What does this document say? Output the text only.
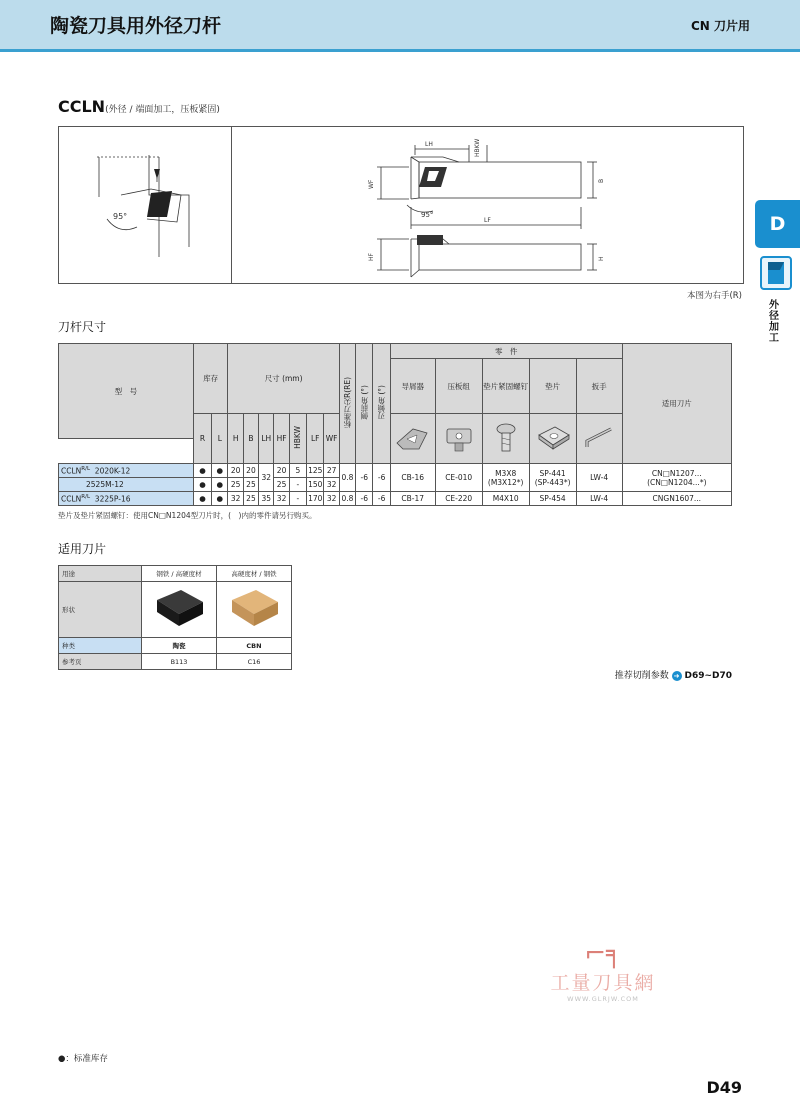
陶瓷刀具用外径刀杆	CN 刀片用
CCLN(外径 / 端面加工，压板紧固)
95°
LH	HBKW
WF	B
LF
95°
HF	H
本图为右手(R)
D
外径加工
刀杆尺寸
型　号	库存		尺寸 (mm)							标准刀尖R(RE)	侧前角 (°)	刃倾角 (°)	零　件					适用刀片
													导屑器	压板组	垫片紧固螺钉	垫片	扳手	
	R	L	H	B	LH	HF	HBKW	LF	WF					

$CCLN^{R/L}$ 2020K-12	●	●	20	20	32	20	5	125	27	0.8	-6	-6	CB-16	CE-010	M3X8
(M3X12*)	SP-441
(SP-443*)	LW-4	CN□N1207...
(CN□N1204...*)
2525M-12	●	●	25	25		25	-	150	32									
$CCLN^{R/L}$ 3225P-16	●	●	32	25	35	32	-	170	32	0.8	-6	-6	CB-17	CE-220	M4X10	SP-454	LW-4	CNGN1607...
垫片及垫片紧固螺钉：使用CN□N1204型刀片时，(　)内的零件请另行购买。
适用刀片
用途	钢铁 / 高硬度材	高硬度材 / 钢铁
形状		
种类	陶瓷	CBN
参考页	B113	C16
推荐切削参数 ➜ D69~D70
⌐╕
工量刀具網
WWW.GLRJW.COM
●：标准库存
D49
